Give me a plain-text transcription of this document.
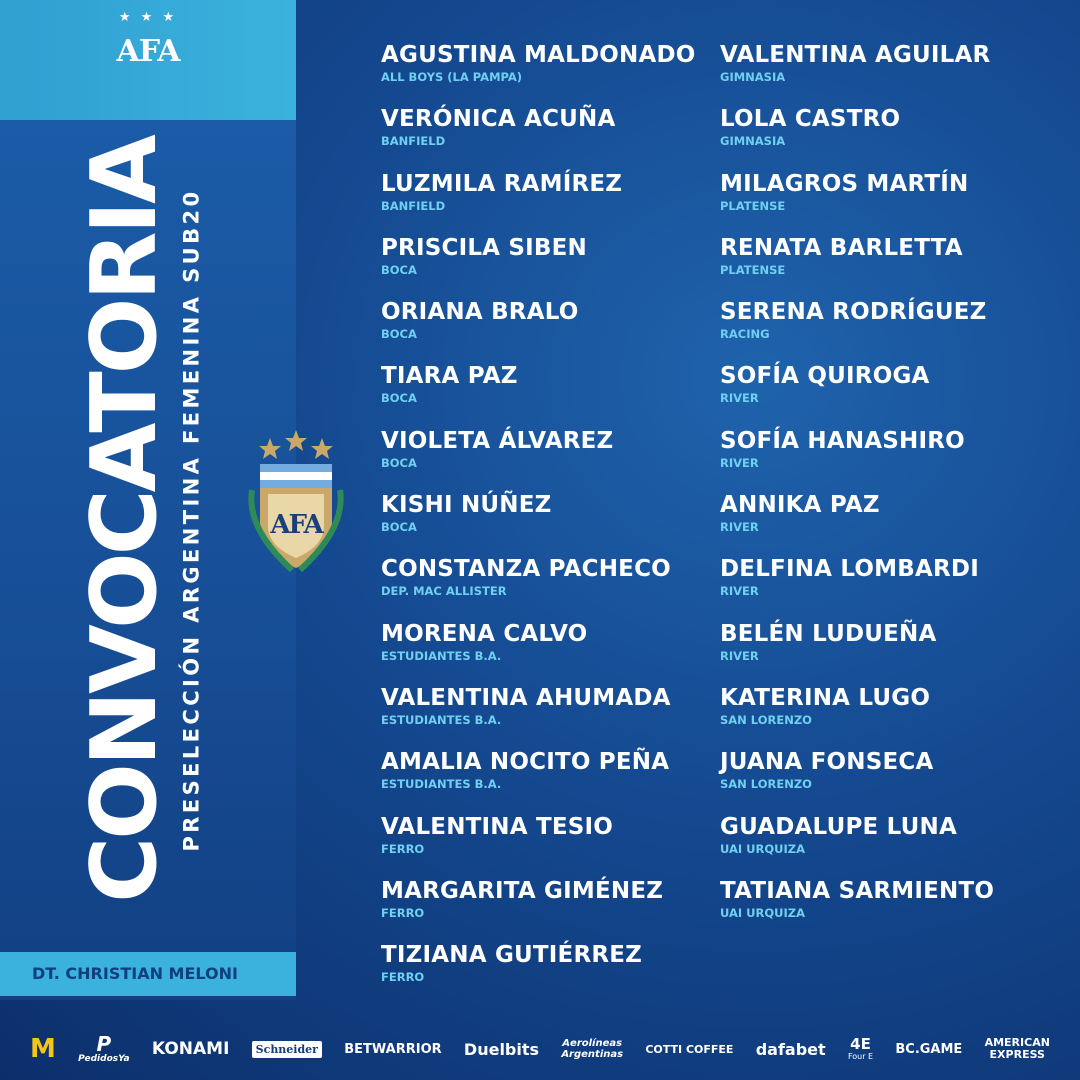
★ ★ ★
AFA
CONVOCATORIA PRESELECCIÓN ARGENTINA FEMENINA SUB20	AFA
DT. CHRISTIAN MELONI
AGUSTINA MALDONADO
ALL BOYS (LA PAMPA)
VERÓNICA ACUÑA
BANFIELD
LUZMILA RAMÍREZ
BANFIELD
PRISCILA SIBEN
BOCA
ORIANA BRALO
BOCA
TIARA PAZ
BOCA
VIOLETA ÁLVAREZ
BOCA
KISHI NÚÑEZ
BOCA
CONSTANZA PACHECO
DEP. MAC ALLISTER
MORENA CALVO
ESTUDIANTES B.A.
VALENTINA AHUMADA
ESTUDIANTES B.A.
AMALIA NOCITO PEÑA
ESTUDIANTES B.A.
VALENTINA TESIO
FERRO
MARGARITA GIMÉNEZ
FERRO
TIZIANA GUTIÉRREZ
FERRO
VALENTINA AGUILAR
GIMNASIA
LOLA CASTRO
GIMNASIA
MILAGROS MARTÍN
PLATENSE
RENATA BARLETTA
PLATENSE
SERENA RODRÍGUEZ
RACING
SOFÍA QUIROGA
RIVER
SOFÍA HANASHIRO
RIVER
ANNIKA PAZ
RIVER
DELFINA LOMBARDI
RIVER
BELÉN LUDUEÑA
RIVER
KATERINA LUGO
SAN LORENZO
JUANA FONSECA
SAN LORENZO
GUADALUPE LUNA
UAI URQUIZA
TATIANA SARMIENTO
UAI URQUIZA
M P
PedidosYa KONAMI	Schneider	BETWARRIOR Duelbits Aerolíneas
Argentinas COTTI COFFEE dafabet 4E
Four E BC.GAME AMERICAN
EXPRESS
